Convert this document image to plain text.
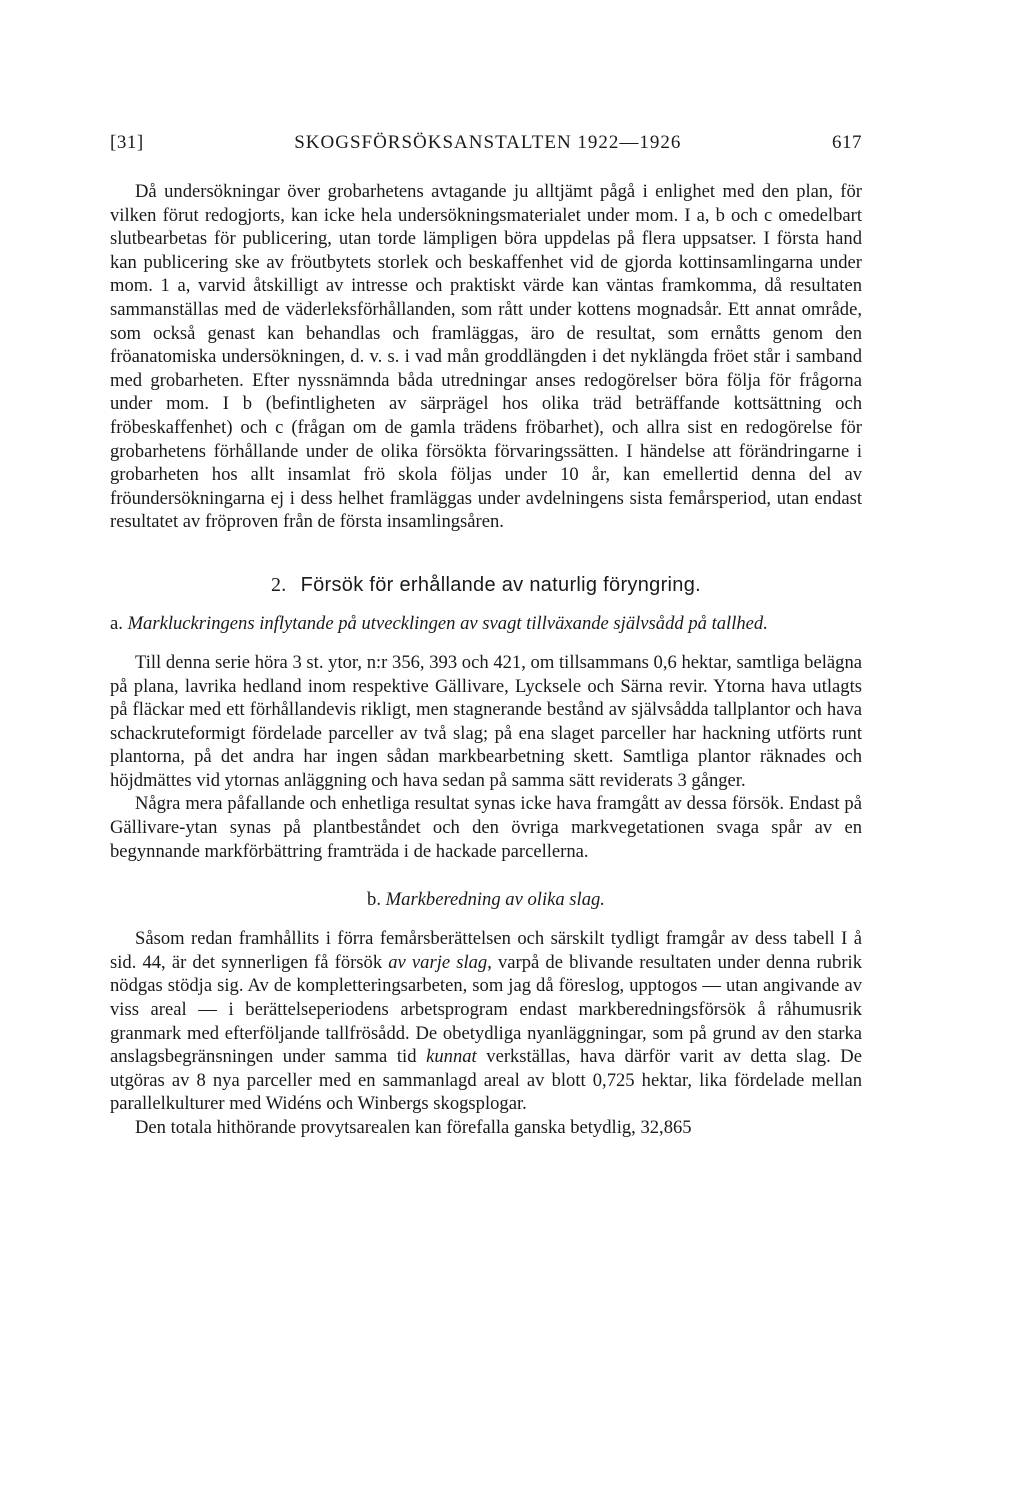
[31]	SKOGSFÖRSÖKSANSTALTEN 1922—1926	617

Då undersökningar över grobarhetens avtagande ju alltjämt pågå i enlighet med den plan, för vilken förut redogjorts, kan icke hela undersökningsmaterialet under mom. I a, b och c omedelbart slutbearbetas för publicering, utan torde lämpligen böra uppdelas på flera uppsatser. I första hand kan publicering ske av fröutbytets storlek och beskaffenhet vid de gjorda kottinsamlingarna under mom. 1 a, varvid åtskilligt av intresse och praktiskt värde kan väntas framkomma, då resultaten sammanställas med de väderleksförhållanden, som rått under kottens mognadsår. Ett annat område, som också genast kan behandlas och framläggas, äro de resultat, som ernåtts genom den fröanatomiska undersökningen, d. v. s. i vad mån groddlängden i det nyklängda fröet står i samband med grobarheten. Efter nyssnämnda båda utredningar anses redogörelser böra följa för frågorna under mom. I b (befintligheten av särprägel hos olika träd beträffande kottsättning och fröbeskaffenhet) och c (frågan om de gamla trädens fröbarhet), och allra sist en redogörelse för grobarhetens förhållande under de olika försökta förvaringssätten. I händelse att förändringarne i grobarheten hos allt insamlat frö skola följas under 10 år, kan emellertid denna del av fröundersökningarna ej i dess helhet framläggas under avdelningens sista femårsperiod, utan endast resultatet av fröproven från de första insamlingsåren.

2. Försök för erhållande av naturlig föryngring.
a. Markluckringens inflytande på utvecklingen av svagt tillväxande självsådd på tallhed.

Till denna serie höra 3 st. ytor, n:r 356, 393 och 421, om tillsammans 0,6 hektar, samtliga belägna på plana, lavrika hedland inom respektive Gällivare, Lycksele och Särna revir. Ytorna hava utlagts på fläckar med ett förhållandevis rikligt, men stagnerande bestånd av självsådda tallplantor och hava schackruteformigt fördelade parceller av två slag; på ena slaget parceller har hackning utförts runt plantorna, på det andra har ingen sådan markbearbetning skett. Samtliga plantor räknades och höjdmättes vid ytornas anläggning och hava sedan på samma sätt reviderats 3 gånger.

Några mera påfallande och enhetliga resultat synas icke hava framgått av dessa försök. Endast på Gällivare-ytan synas på plantbeståndet och den övriga markvegetationen svaga spår av en begynnande markförbättring framträda i de hackade parcellerna.

b. Markberedning av olika slag.

Såsom redan framhållits i förra femårsberättelsen och särskilt tydligt framgår av dess tabell I å sid. 44, är det synnerligen få försök av varje slag, varpå de blivande resultaten under denna rubrik nödgas stödja sig. Av de kompletteringsarbeten, som jag då föreslog, upptogos — utan angivande av viss areal — i berättelseperiodens arbetsprogram endast markberedningsförsök å råhumusrik granmark med efterföljande tallfrösådd. De obetydliga nyanläggningar, som på grund av den starka anslagsbegränsningen under samma tid kunnat verkställas, hava därför varit av detta slag. De utgöras av 8 nya parceller med en sammanlagd areal av blott 0,725 hektar, lika fördelade mellan parallelkulturer med Widéns och Winbergs skogsplogar.

Den totala hithörande provytsarealen kan förefalla ganska betydlig, 32,865
